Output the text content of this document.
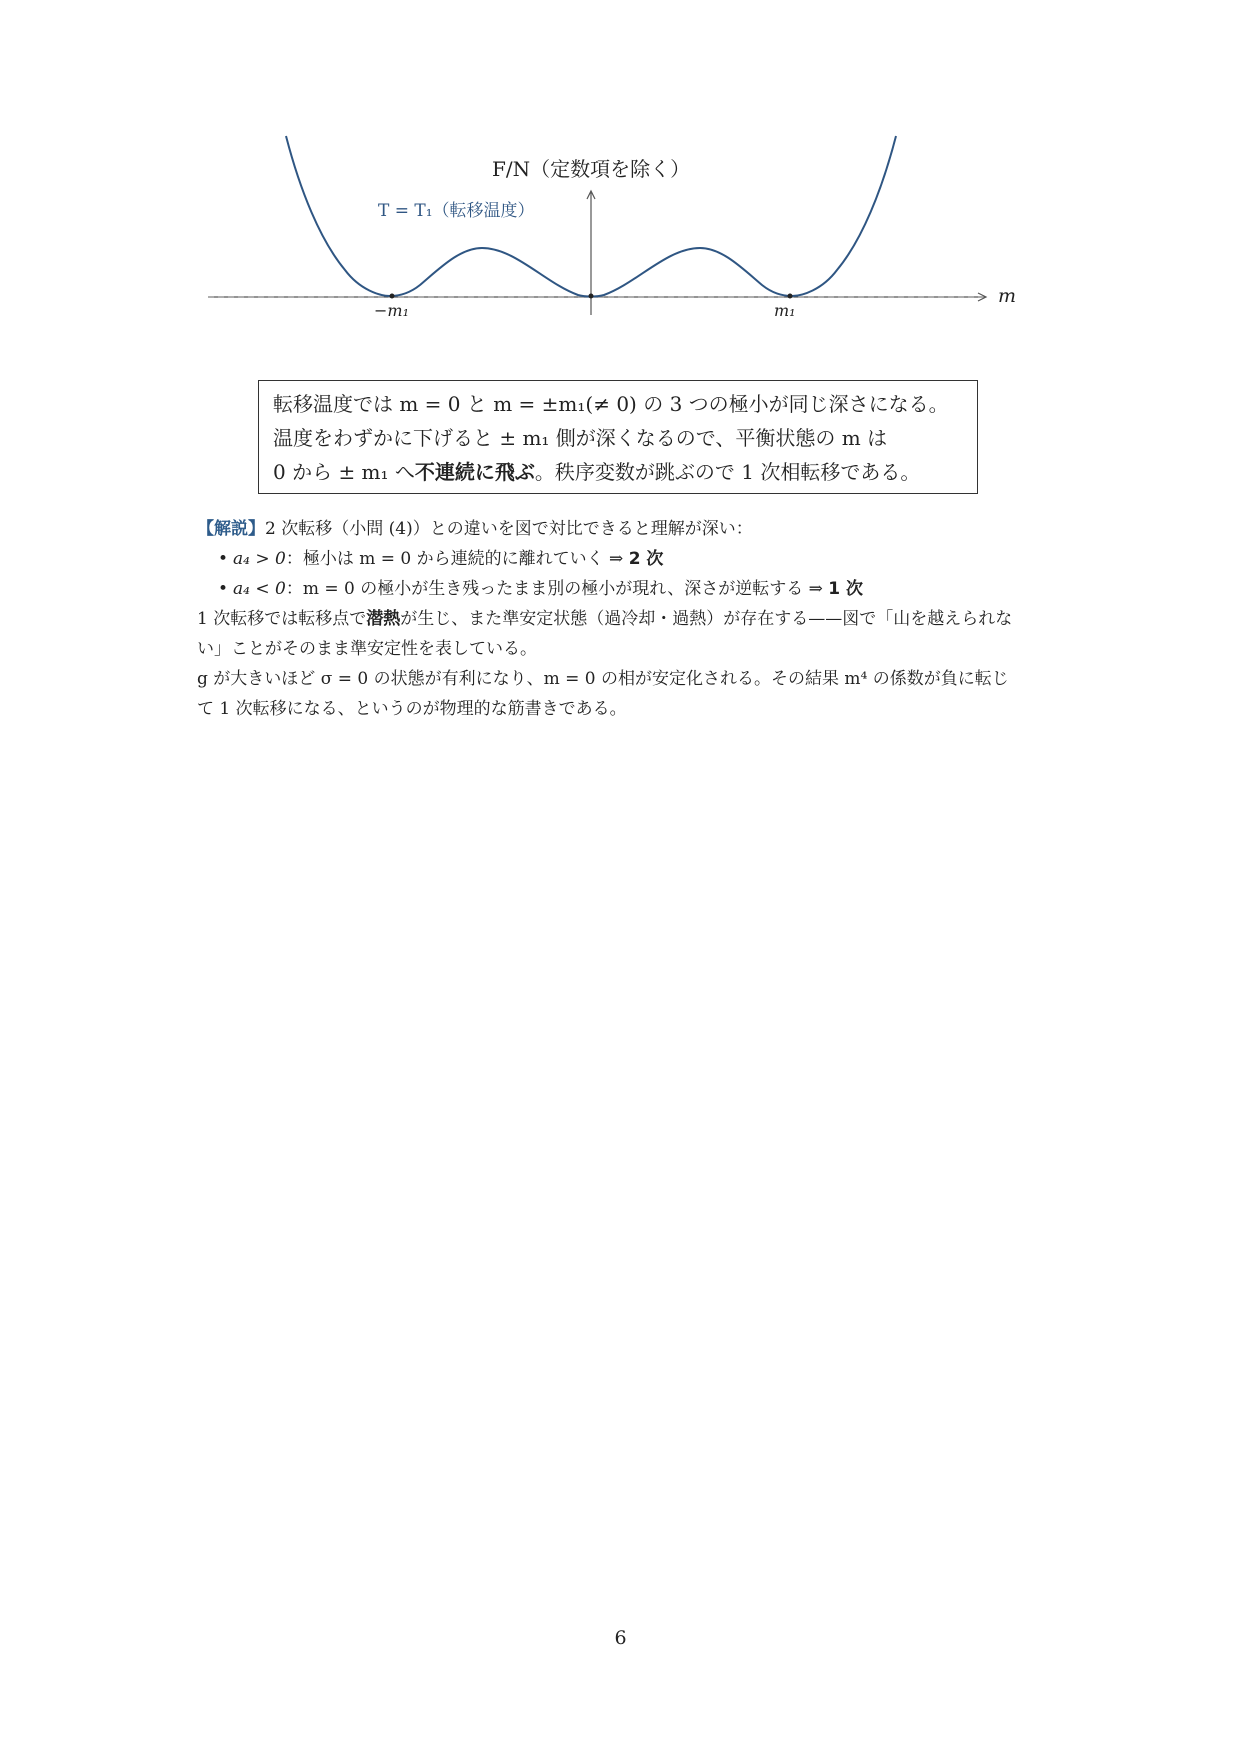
F/N（定数項を除く）
T = T₁（転移温度）
m
−m₁	m₁
転移温度では m = 0 と m = ±m₁(≠ 0) の 3 つの極小が同じ深さになる。
温度をわずかに下げると ± m₁ 側が深くなるので、平衡状態の m は
0 から ± m₁ へ不連続に飛ぶ。秩序変数が跳ぶので 1 次相転移である。
【解説】2 次転移（小問 (4)）との違いを図で対比できると理解が深い：
• a₄ > 0：極小は m = 0 から連続的に離れていく ⇒ 2 次
• a₄ < 0：m = 0 の極小が生き残ったまま別の極小が現れ、深さが逆転する ⇒ 1 次
1 次転移では転移点で潜熱が生じ、また準安定状態（過冷却・過熱）が存在する——図で「山を越えられな
い」ことがそのまま準安定性を表している。
g が大きいほど σ = 0 の状態が有利になり、m = 0 の相が安定化される。その結果 m⁴ の係数が負に転じ
て 1 次転移になる、というのが物理的な筋書きである。
6
